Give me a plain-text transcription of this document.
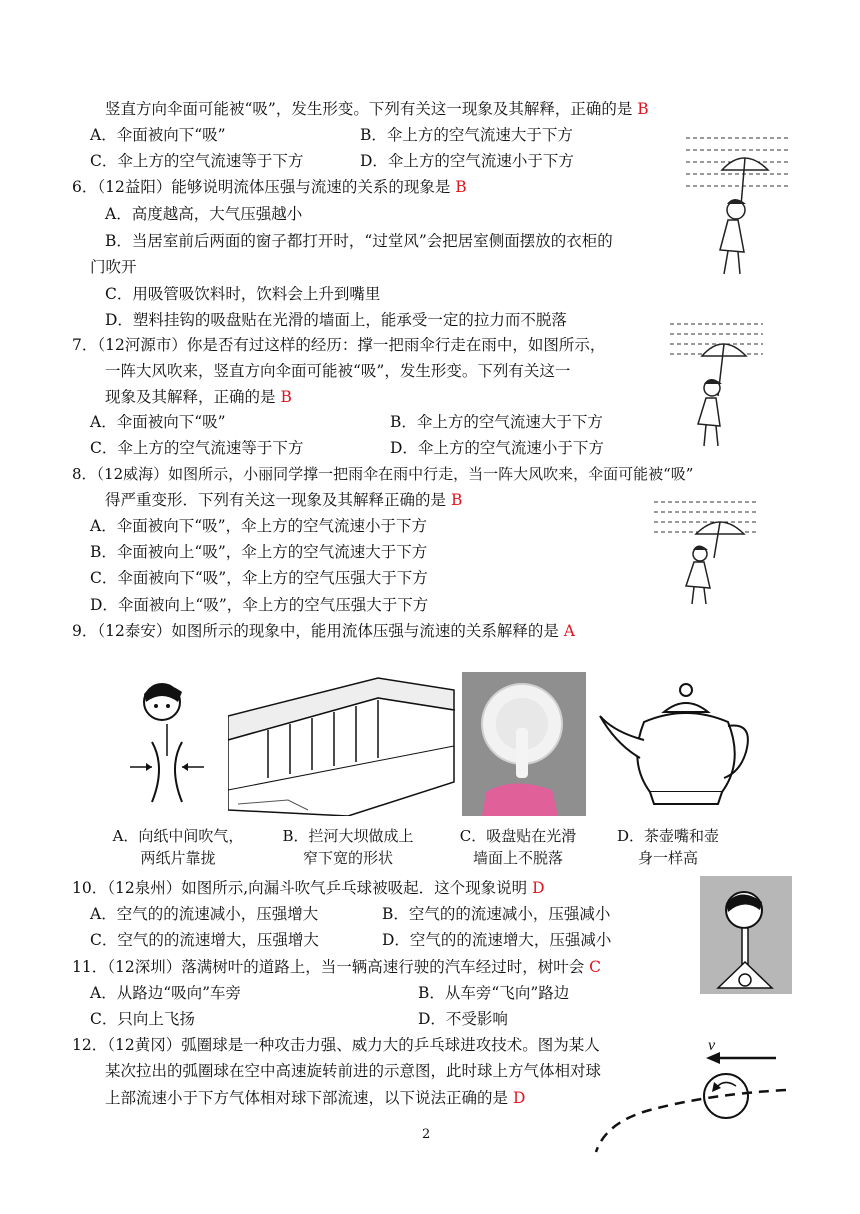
竖直方向伞面可能被“吸”，发生形变。下列有关这一现象及其解释，正确的是 B
A．伞面被向下“吸”	B．伞上方的空气流速大于下方
C．伞上方的空气流速等于下方	D．伞上方的空气流速小于下方
6．（12益阳）能够说明流体压强与流速的关系的现象是 B
A．高度越高，大气压强越小
B．当居室前后两面的窗子都打开时，“过堂风”会把居室侧面摆放的衣柜的
门吹开
C．用吸管吸饮料时，饮料会上升到嘴里
D．塑料挂钩的吸盘贴在光滑的墙面上，能承受一定的拉力而不脱落
7．（12河源市）你是否有过这样的经历：撑一把雨伞行走在雨中，如图所示，
一阵大风吹来，竖直方向伞面可能被“吸”，发生形变。下列有关这一
现象及其解释，正确的是 B
A．伞面被向下“吸”	B．伞上方的空气流速大于下方
C．伞上方的空气流速等于下方	D．伞上方的空气流速小于下方
8．（12威海）如图所示，小丽同学撑一把雨伞在雨中行走，当一阵大风吹来，伞面可能被“吸”
得严重变形．下列有关这一现象及其解释正确的是 B
A．伞面被向下“吸”，伞上方的空气流速小于下方
B．伞面被向上“吸”，伞上方的空气流速大于下方
C．伞面被向下“吸”，伞上方的空气压强大于下方
D．伞面被向上“吸”，伞上方的空气压强大于下方
9．（12泰安）如图所示的现象中，能用流体压强与流速的关系解释的是 A
10．（12泉州）如图所示,向漏斗吹气乒乓球被吸起．这个现象说明 D
A．空气的的流速减小，压强增大	B．空气的的流速减小，压强减小
C．空气的的流速增大，压强增大	D．空气的的流速增大，压强减小
11．（12深圳）落满树叶的道路上，当一辆高速行驶的汽车经过时，树叶会 C
A．从路边“吸向”车旁	B．从车旁“飞向”路边
C．只向上飞扬	D．不受影响
12．（12黄冈）弧圈球是一种攻击力强、威力大的乒乓球进攻技术。图为某人
某次拉出的弧圈球在空中高速旋转前进的示意图，此时球上方气体相对球
上部流速小于下方气体相对球下部流速，以下说法正确的是 D
A．向纸中间吹气，
两纸片靠拢
B．拦河大坝做成上
窄下宽的形状
C．吸盘贴在光滑
墙面上不脱落
D．茶壶嘴和壶
身一样高
v
2
